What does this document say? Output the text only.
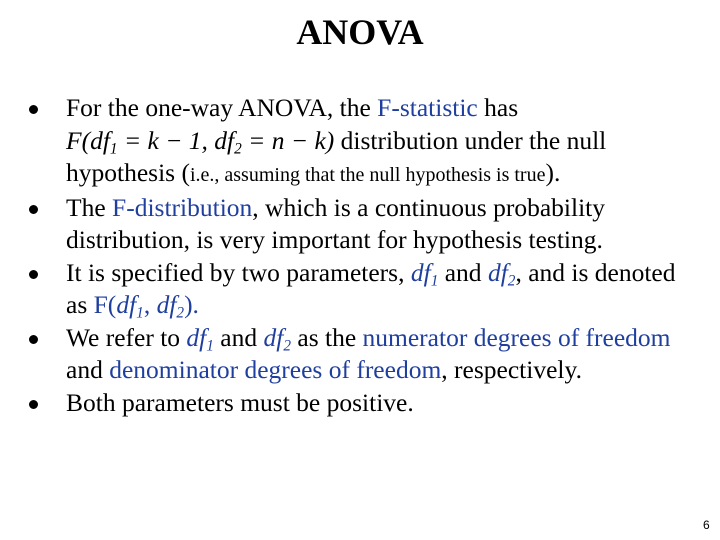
ANOVA
For the one-way ANOVA, the F-statistic has
$F(df_1 = k - 1$, $df_2 = n - k$) distribution under the null hypothesis (i.e., assuming that the null hypothesis is true).
The F-distribution, which is a continuous probability distribution, is very important for hypothesis testing.
It is specified by two parameters, $df_1$ and $df_2$, and is denoted as $F(df_1$, $df_2$).
We refer to $df_1$ and $df_2$ as the numerator degrees of freedom and denominator degrees of freedom, respectively.
Both parameters must be positive.
6
